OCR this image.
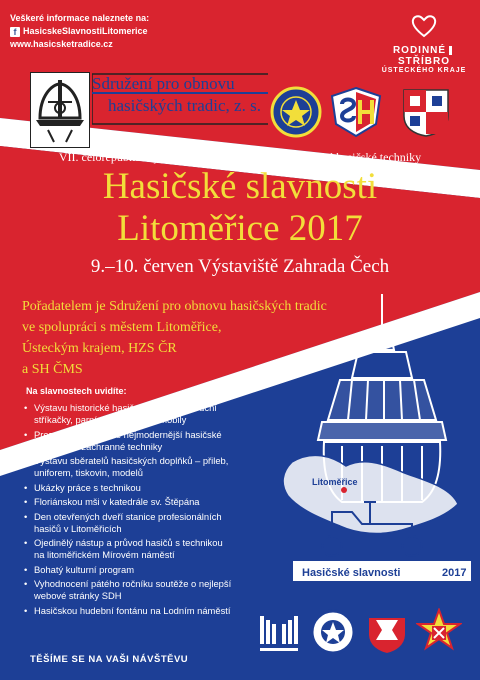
Veškeré informace naleznete na:
f HasicskeSlavnostiLitomerice
www.hasicsketradice.cz
RODINNÉSTŘÍBRO
ÚSTECKÉHO KRAJE
Sdružení pro obnovu
hasičských tradic, z. s.
VII. celorepublikový sraz hasičstva s výstavou historické hasičské techniky
Hasičské slavnosti
Litoměřice 2017
9.–10. červen Výstaviště Zahrada Čech
Pořadatelem je Sdružení pro obnovu hasičských tradic
ve spolupráci s městem Litoměřice,
Ústeckým krajem, HZS ČR
a SH ČMS
Litoměřice
Hasičské slavnosti	2017
Na slavnostech uvidíte:
• Výstavu historické hasičské techniky – ruční
stříkačky, parní stříkačky, automobily
• Prezentaci současné nejmodernější hasičské
a vojenské záchranné techniky
• Výstavu sběratelů hasičských doplňků – přileb,
uniforem, tiskovin, modelů
• Ukázky práce s technikou
• Floriánskou mši v katedrále sv. Štěpána
• Den otevřených dveří stanice profesionálních
hasičů v Litoměřicích
• Ojedinělý nástup a průvod hasičů s technikou
na litoměřickém Mírovém náměstí
• Bohatý kulturní program
• Vyhodnocení pátého ročníku soutěže o nejlepší
webové stránky SDH
• Hasičskou hudební fontánu na Lodním náměstí
TĚŠÍME SE NA VAŠI NÁVŠTĚVU
